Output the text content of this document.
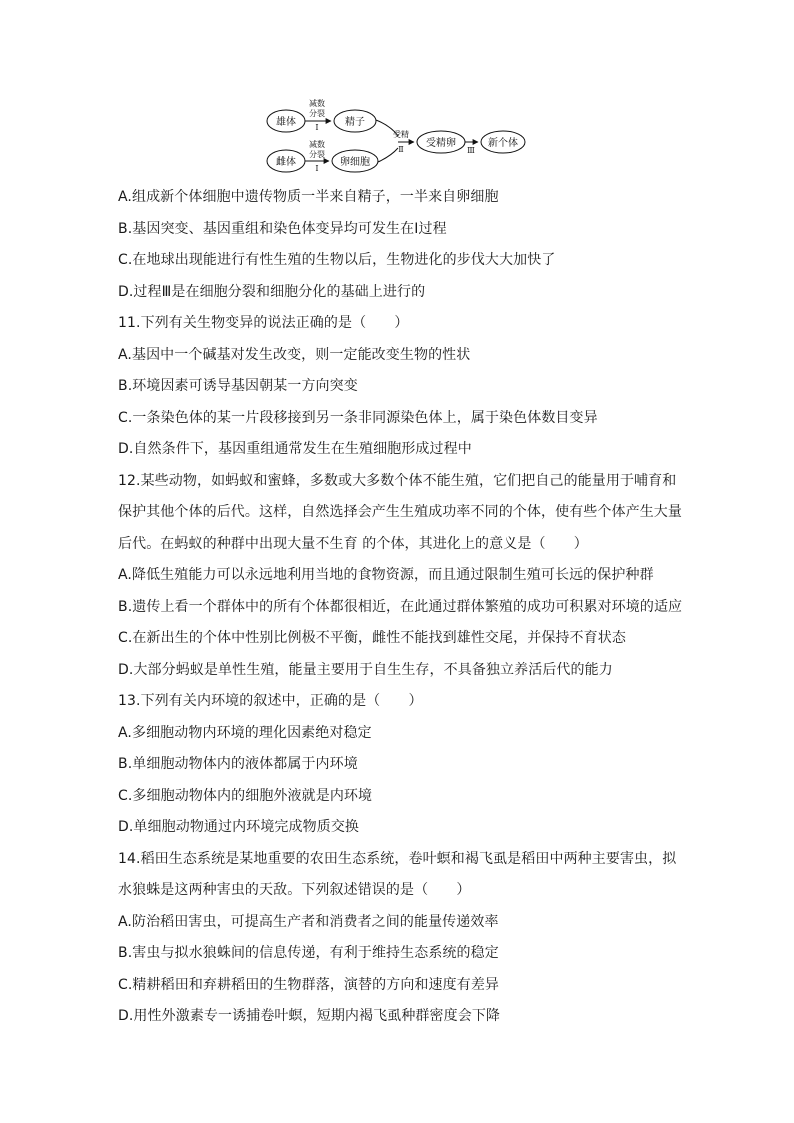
雄体
雌体
精子
卵细胞
受精卵	新个体
减数
分裂
Ⅰ
减数
分裂
Ⅰ
受精
Ⅱ	Ⅲ
A.组成新个体细胞中遗传物质一半来自精子，一半来自卵细胞
B.基因突变、基因重组和染色体变异均可发生在Ⅰ过程
C.在地球出现能进行有性生殖的生物以后，生物进化的步伐大大加快了
D.过程Ⅲ是在细胞分裂和细胞分化的基础上进行的
11.下列有关生物变异的说法正确的是（　　）
A.基因中一个碱基对发生改变，则一定能改变生物的性状
B.环境因素可诱导基因朝某一方向突变
C.一条染色体的某一片段移接到另一条非同源染色体上，属于染色体数目变异
D.自然条件下，基因重组通常发生在生殖细胞形成过程中
12.某些动物，如蚂蚁和蜜蜂，多数或大多数个体不能生殖，它们把自己的能量用于哺育和
保护其他个体的后代。这样，自然选择会产生生殖成功率不同的个体，使有些个体产生大量
后代。在蚂蚁的种群中出现大量不生育 的个体，其进化上的意义是（　　）
A.降低生殖能力可以永远地利用当地的食物资源，而且通过限制生殖可长远的保护种群
B.遗传上看一个群体中的所有个体都很相近，在此通过群体繁殖的成功可积累对环境的适应
C.在新出生的个体中性别比例极不平衡，雌性不能找到雄性交尾，并保持不育状态
D.大部分蚂蚁是单性生殖，能量主要用于自生生存，不具备独立养活后代的能力
13.下列有关内环境的叙述中，正确的是（　　）
A.多细胞动物内环境的理化因素绝对稳定
B.单细胞动物体内的液体都属于内环境
C.多细胞动物体内的细胞外液就是内环境
D.单细胞动物通过内环境完成物质交换
14.稻田生态系统是某地重要的农田生态系统，卷叶螟和褐飞虱是稻田中两种主要害虫，拟
水狼蛛是这两种害虫的天敌。下列叙述错误的是（　　）
A.防治稻田害虫，可提高生产者和消费者之间的能量传递效率
B.害虫与拟水狼蛛间的信息传递，有利于维持生态系统的稳定
C.精耕稻田和弃耕稻田的生物群落，演替的方向和速度有差异
D.用性外激素专一诱捕卷叶螟，短期内褐飞虱种群密度会下降
